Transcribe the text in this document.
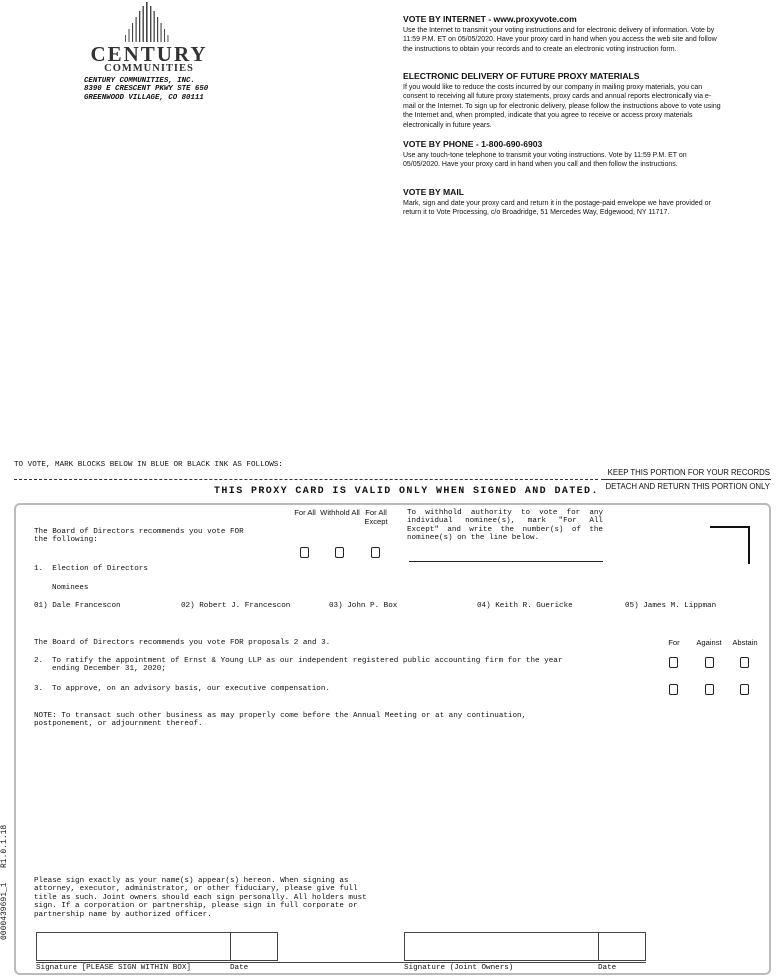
CENTURY
COMMUNITIES
CENTURY COMMUNITIES, INC.
8390 E CRESCENT PKWY STE 650
GREENWOOD VILLAGE, CO 80111
VOTE BY INTERNET - www.proxyvote.com

Use the Internet to transmit your voting instructions and for electronic delivery of information. Vote by 11:59 P.M. ET on 05/05/2020. Have your proxy card in hand when you access the web site and follow the instructions to obtain your records and to create an electronic voting instruction form.

ELECTRONIC DELIVERY OF FUTURE PROXY MATERIALS

If you would like to reduce the costs incurred by our company in mailing proxy materials, you can consent to receiving all future proxy statements, proxy cards and annual reports electronically via e-mail or the Internet. To sign up for electronic delivery, please follow the instructions above to vote using the Internet and, when prompted, indicate that you agree to receive or access proxy materials electronically in future years.

VOTE BY PHONE - 1-800-690-6903

Use any touch-tone telephone to transmit your voting instructions. Vote by 11:59 P.M. ET on 05/05/2020. Have your proxy card in hand when you call and then follow the instructions.

VOTE BY MAIL

Mark, sign and date your proxy card and return it in the postage-paid envelope we have provided or return it to Vote Processing, c/o Broadridge, 51 Mercedes Way, Edgewood, NY 11717.

TO VOTE, MARK BLOCKS BELOW IN BLUE OR BLACK INK AS FOLLOWS:
KEEP THIS PORTION FOR YOUR RECORDS
DETACH AND RETURN THIS PORTION ONLY
THIS PROXY CARD IS VALID ONLY WHEN SIGNED AND DATED.
0000439691_1   R1.0.1.18
The Board of Directors recommends you vote FOR the following:
For All Withhold All For All Except
To withhold authority to vote for any individual nominee(s), mark "For All Except" and write the number(s) of the nominee(s) on the line below.
1.  Election of Directors
Nominees
01) Dale Francescon	02) Robert J. Francescon	03) John P. Box	04) Keith R. Guericke	05) James M. Lippman
The Board of Directors recommends you vote FOR proposals 2 and 3.	For	Against	Abstain
2. To ratify the appointment of Ernst & Young LLP as our independent registered public accounting firm for the year ending December 31, 2020;
3. To approve, on an advisory basis, our executive compensation.
NOTE: To transact such other business as may properly come before the Annual Meeting or at any continuation, postponement, or adjournment thereof.
Please sign exactly as your name(s) appear(s) hereon. When signing as attorney, executor, administrator, or other fiduciary, please give full title as such. Joint owners should each sign personally. All holders must sign. If a corporation or partnership, please sign in full corporate or partnership name by authorized officer.
Signature [PLEASE SIGN WITHIN BOX]	Date	Signature (Joint Owners)	Date
